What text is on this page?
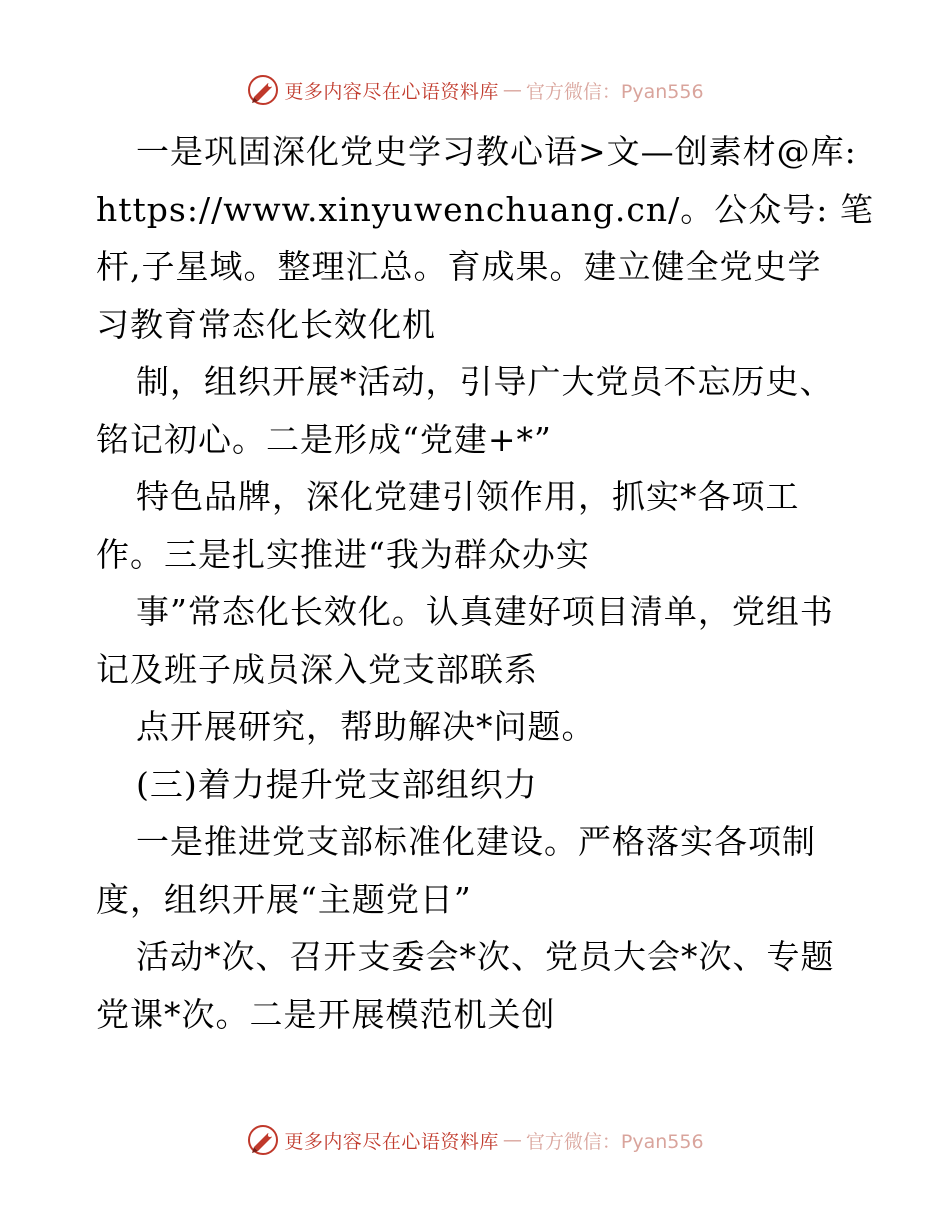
更多内容尽在心语资料库 — 官方微信：Pyan556
一是巩固深化党史学习教心语>文—创素材@库:
https://www.xinyuwenchuang.cn/。公众号: 笔
杆,子星域。整理汇总。育成果。建立健全党史学
习教育常态化长效化机
制，组织开展*活动，引导广大党员不忘历史、
铭记初心。二是形成“党建+*”
特色品牌，深化党建引领作用，抓实*各项工
作。三是扎实推进“我为群众办实
事”常态化长效化。认真建好项目清单，党组书
记及班子成员深入党支部联系
点开展研究，帮助解决*问题。
(三)着力提升党支部组织力
一是推进党支部标准化建设。严格落实各项制
度，组织开展“主题党日”
活动*次、召开支委会*次、党员大会*次、专题
党课*次。二是开展模范机关创
更多内容尽在心语资料库 — 官方微信：Pyan556
